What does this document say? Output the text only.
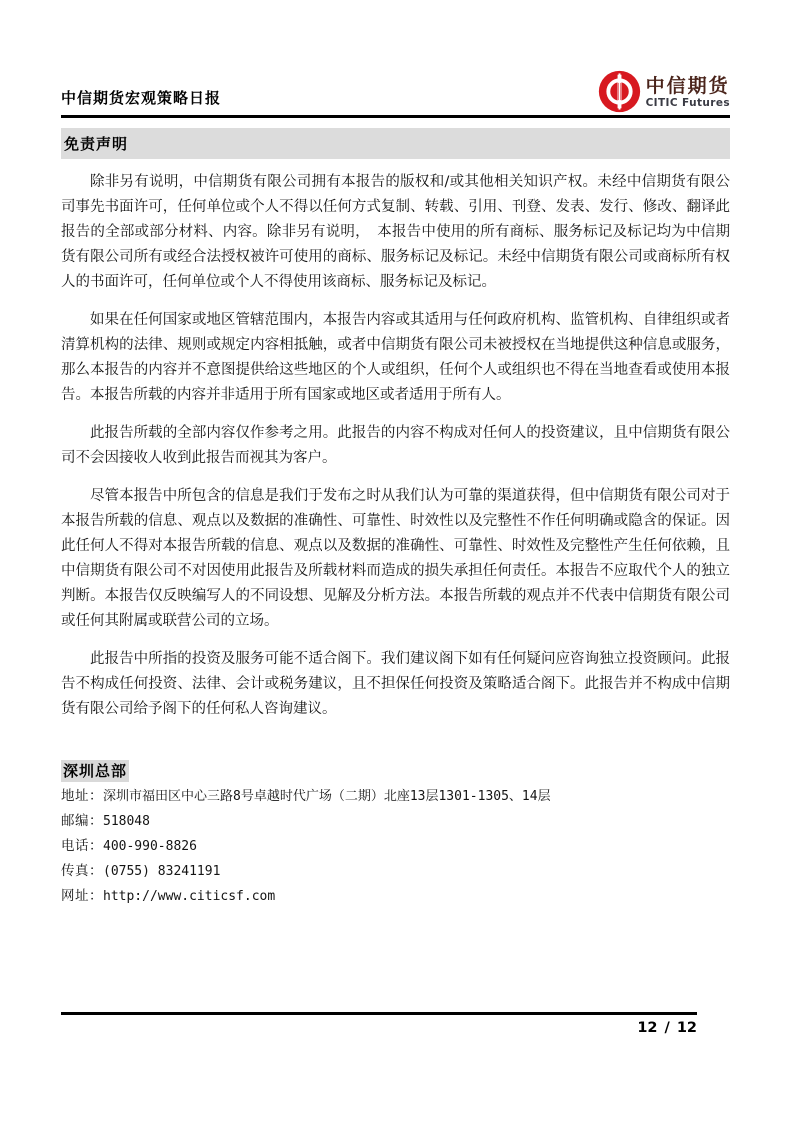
中信期货宏观策略日报
中信期货
CITIC Futures
免责声明

除非另有说明，中信期货有限公司拥有本报告的版权和/或其他相关知识产权。未经中信期货有限公司事先书面许可，任何单位或个人不得以任何方式复制、转载、引用、刊登、发表、发行、修改、翻译此报告的全部或部分材料、内容。除非另有说明，　本报告中使用的所有商标、服务标记及标记均为中信期货有限公司所有或经合法授权被许可使用的商标、服务标记及标记。未经中信期货有限公司或商标所有权人的书面许可，任何单位或个人不得使用该商标、服务标记及标记。

如果在任何国家或地区管辖范围内，本报告内容或其适用与任何政府机构、监管机构、自律组织或者清算机构的法律、规则或规定内容相抵触，或者中信期货有限公司未被授权在当地提供这种信息或服务，那么本报告的内容并不意图提供给这些地区的个人或组织，任何个人或组织也不得在当地查看或使用本报告。本报告所载的内容并非适用于所有国家或地区或者适用于所有人。

此报告所载的全部内容仅作参考之用。此报告的内容不构成对任何人的投资建议，且中信期货有限公司不会因接收人收到此报告而视其为客户。

尽管本报告中所包含的信息是我们于发布之时从我们认为可靠的渠道获得，但中信期货有限公司对于本报告所载的信息、观点以及数据的准确性、可靠性、时效性以及完整性不作任何明确或隐含的保证。因此任何人不得对本报告所载的信息、观点以及数据的准确性、可靠性、时效性及完整性产生任何依赖，且中信期货有限公司不对因使用此报告及所载材料而造成的损失承担任何责任。本报告不应取代个人的独立判断。本报告仅反映编写人的不同设想、见解及分析方法。本报告所载的观点并不代表中信期货有限公司或任何其附属或联营公司的立场。

此报告中所指的投资及服务可能不适合阁下。我们建议阁下如有任何疑问应咨询独立投资顾问。此报告不构成任何投资、法律、会计或税务建议，且不担保任何投资及策略适合阁下。此报告并不构成中信期货有限公司给予阁下的任何私人咨询建议。

深圳总部
地址：深圳市福田区中心三路8号卓越时代广场（二期）北座13层1301-1305、14层
邮编：518048
电话：400-990-8826
传真：(0755) 83241191
网址：http://www.citicsf.com
12 / 12
